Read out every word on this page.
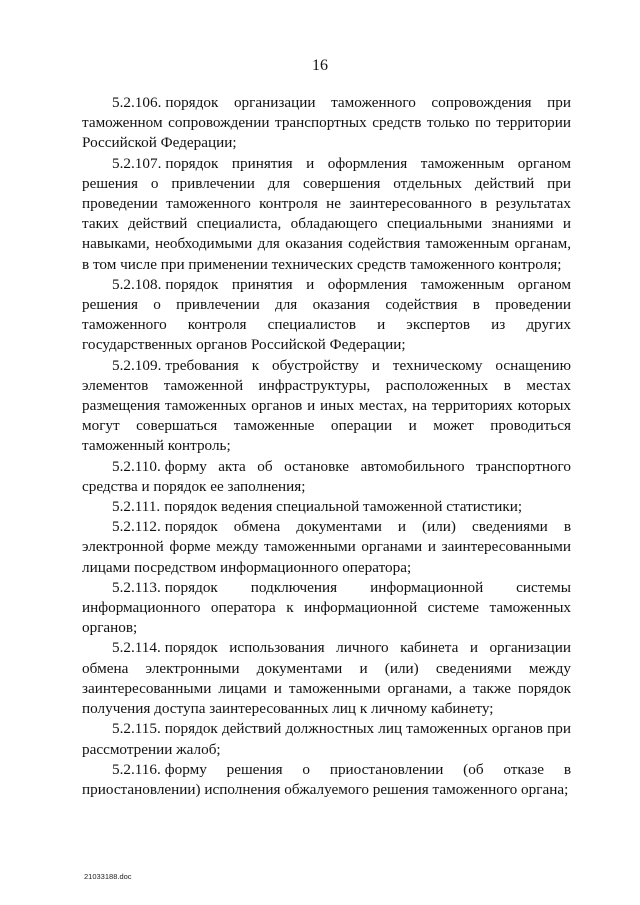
16

5.2.106. порядок организации таможенного сопровождения при таможенном сопровождении транспортных средств только по территории Российской Федерации;

5.2.107. порядок принятия и оформления таможенным органом решения о привлечении для совершения отдельных действий при проведении таможенного контроля не заинтересованного в результатах таких действий специалиста, обладающего специальными знаниями и навыками, необходимыми для оказания содействия таможенным органам, в том числе при применении технических средств таможенного контроля;

5.2.108. порядок принятия и оформления таможенным органом решения о привлечении для оказания содействия в проведении таможенного контроля специалистов и экспертов из других государственных органов Российской Федерации;

5.2.109. требования к обустройству и техническому оснащению элементов таможенной инфраструктуры, расположенных в местах размещения таможенных органов и иных местах, на территориях которых могут совершаться таможенные операции и может проводиться таможенный контроль;

5.2.110. форму акта об остановке автомобильного транспортного средства и порядок ее заполнения;

5.2.111. порядок ведения специальной таможенной статистики;

5.2.112. порядок обмена документами и (или) сведениями в электронной форме между таможенными органами и заинтересованными лицами посредством информационного оператора;

5.2.113. порядок подключения информационной системы информационного оператора к информационной системе таможенных органов;

5.2.114. порядок использования личного кабинета и организации обмена электронными документами и (или) сведениями между заинтересованными лицами и таможенными органами, а также порядок получения доступа заинтересованных лиц к личному кабинету;

5.2.115. порядок действий должностных лиц таможенных органов при рассмотрении жалоб;

5.2.116. форму решения о приостановлении (об отказе в приостановлении) исполнения обжалуемого решения таможенного органа;

21033188.doc
